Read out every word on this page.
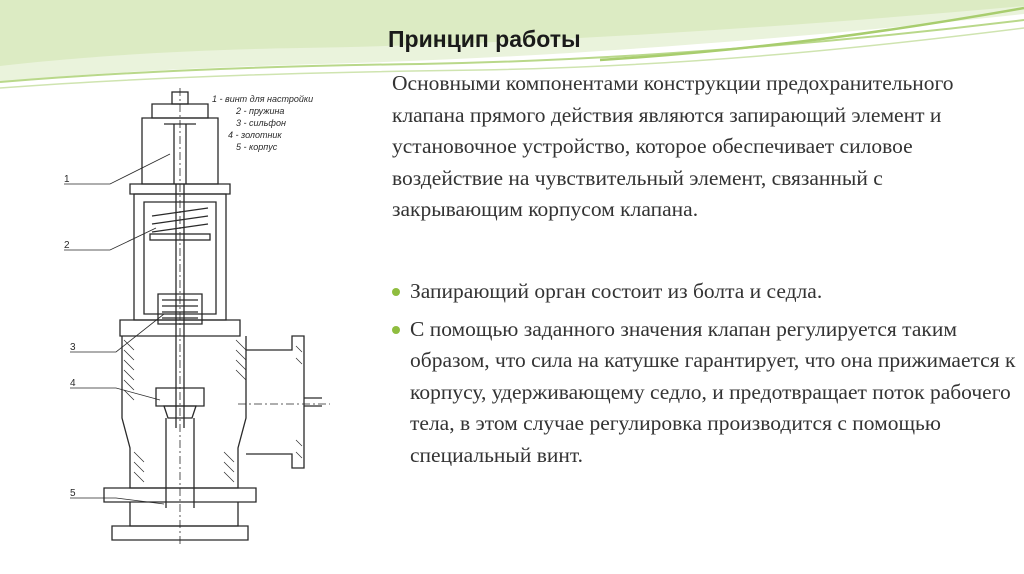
Принцип работы

Основными компонентами конструкции предохранительного клапана прямого действия являются запирающий элемент и установочное устройство, которое обеспечивает силовое воздействие на чувствительный элемент, связанный с закрывающим корпусом клапана.

Запирающий орган состоит из болта и седла.
С помощью заданного значения клапан регулируется таким образом, что сила на катушке гарантирует, что она прижимается к корпусу, удерживающему седло, и предотвращает поток рабочего тела, в этом случае регулировка производится с помощью специальный винт.
1 - винт для настройки
2 - пружина
3 - сильфон
4 - золотник
5 - корпус
1
2
3
4
5
